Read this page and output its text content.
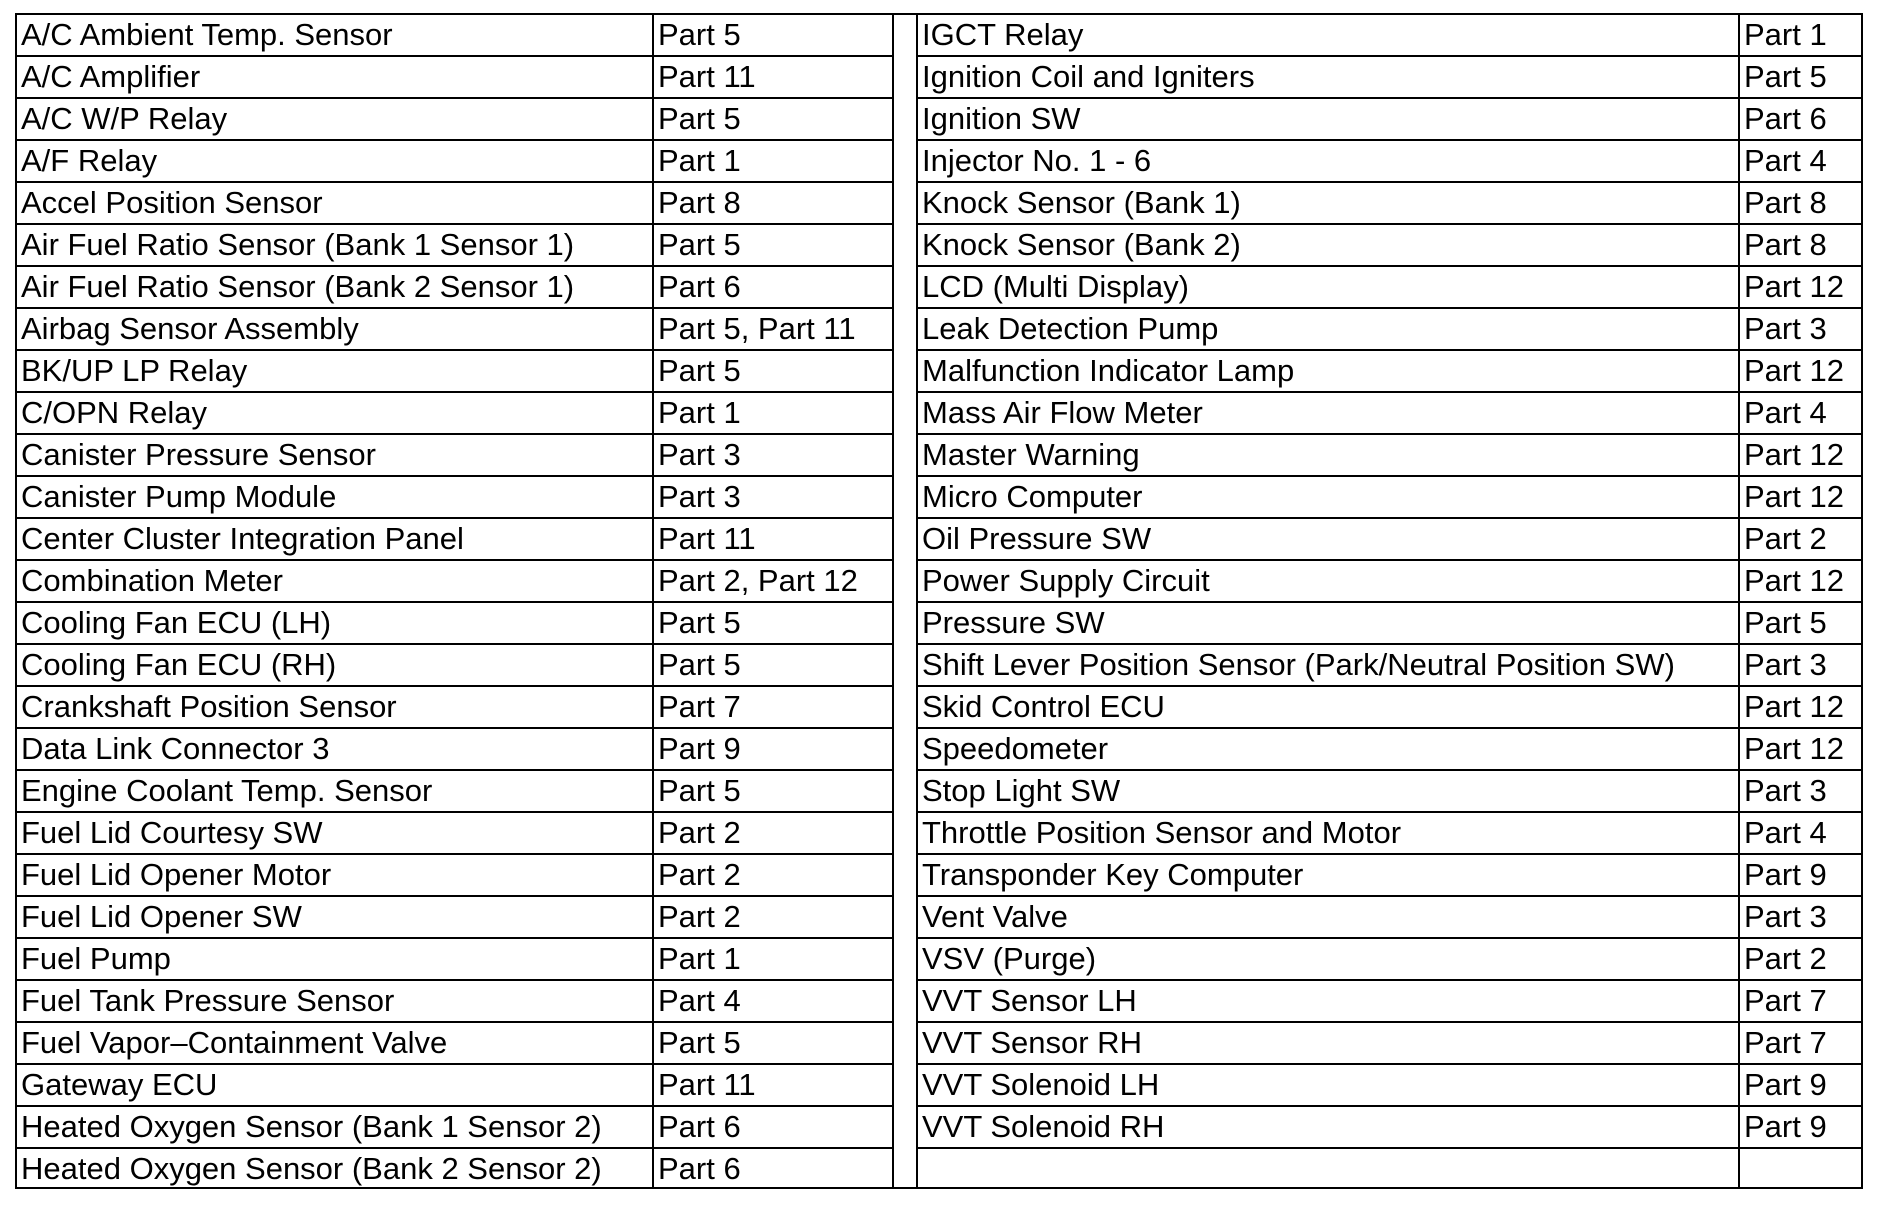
A/C Ambient Temp. Sensor	Part 5
A/C Amplifier	Part 11
A/C W/P Relay	Part 5
A/F Relay	Part 1
Accel Position Sensor	Part 8
Air Fuel Ratio Sensor (Bank 1 Sensor 1)	Part 5
Air Fuel Ratio Sensor (Bank 2 Sensor 1)	Part 6
Airbag Sensor Assembly	Part 5, Part 11
BK/UP LP Relay	Part 5
C/OPN Relay	Part 1
Canister Pressure Sensor	Part 3
Canister Pump Module	Part 3
Center Cluster Integration Panel	Part 11
Combination Meter	Part 2, Part 12
Cooling Fan ECU (LH)	Part 5
Cooling Fan ECU (RH)	Part 5
Crankshaft Position Sensor	Part 7
Data Link Connector 3	Part 9
Engine Coolant Temp. Sensor	Part 5
Fuel Lid Courtesy SW	Part 2
Fuel Lid Opener Motor	Part 2
Fuel Lid Opener SW	Part 2
Fuel Pump	Part 1
Fuel Tank Pressure Sensor	Part 4
Fuel Vapor–Containment Valve	Part 5
Gateway ECU	Part 11
Heated Oxygen Sensor (Bank 1 Sensor 2)	Part 6
Heated Oxygen Sensor (Bank 2 Sensor 2)	Part 6
IGCT Relay	Part 1
Ignition Coil and Igniters	Part 5
Ignition SW	Part 6
Injector No. 1 - 6	Part 4
Knock Sensor (Bank 1)	Part 8
Knock Sensor (Bank 2)	Part 8
LCD (Multi Display)	Part 12
Leak Detection Pump	Part 3
Malfunction Indicator Lamp	Part 12
Mass Air Flow Meter	Part 4
Master Warning	Part 12
Micro Computer	Part 12
Oil Pressure SW	Part 2
Power Supply Circuit	Part 12
Pressure SW	Part 5
Shift Lever Position Sensor (Park/Neutral Position SW)	Part 3
Skid Control ECU	Part 12
Speedometer	Part 12
Stop Light SW	Part 3
Throttle Position Sensor and Motor	Part 4
Transponder Key Computer	Part 9
Vent Valve	Part 3
VSV (Purge)	Part 2
VVT Sensor LH	Part 7
VVT Sensor RH	Part 7
VVT Solenoid LH	Part 9
VVT Solenoid RH	Part 9
